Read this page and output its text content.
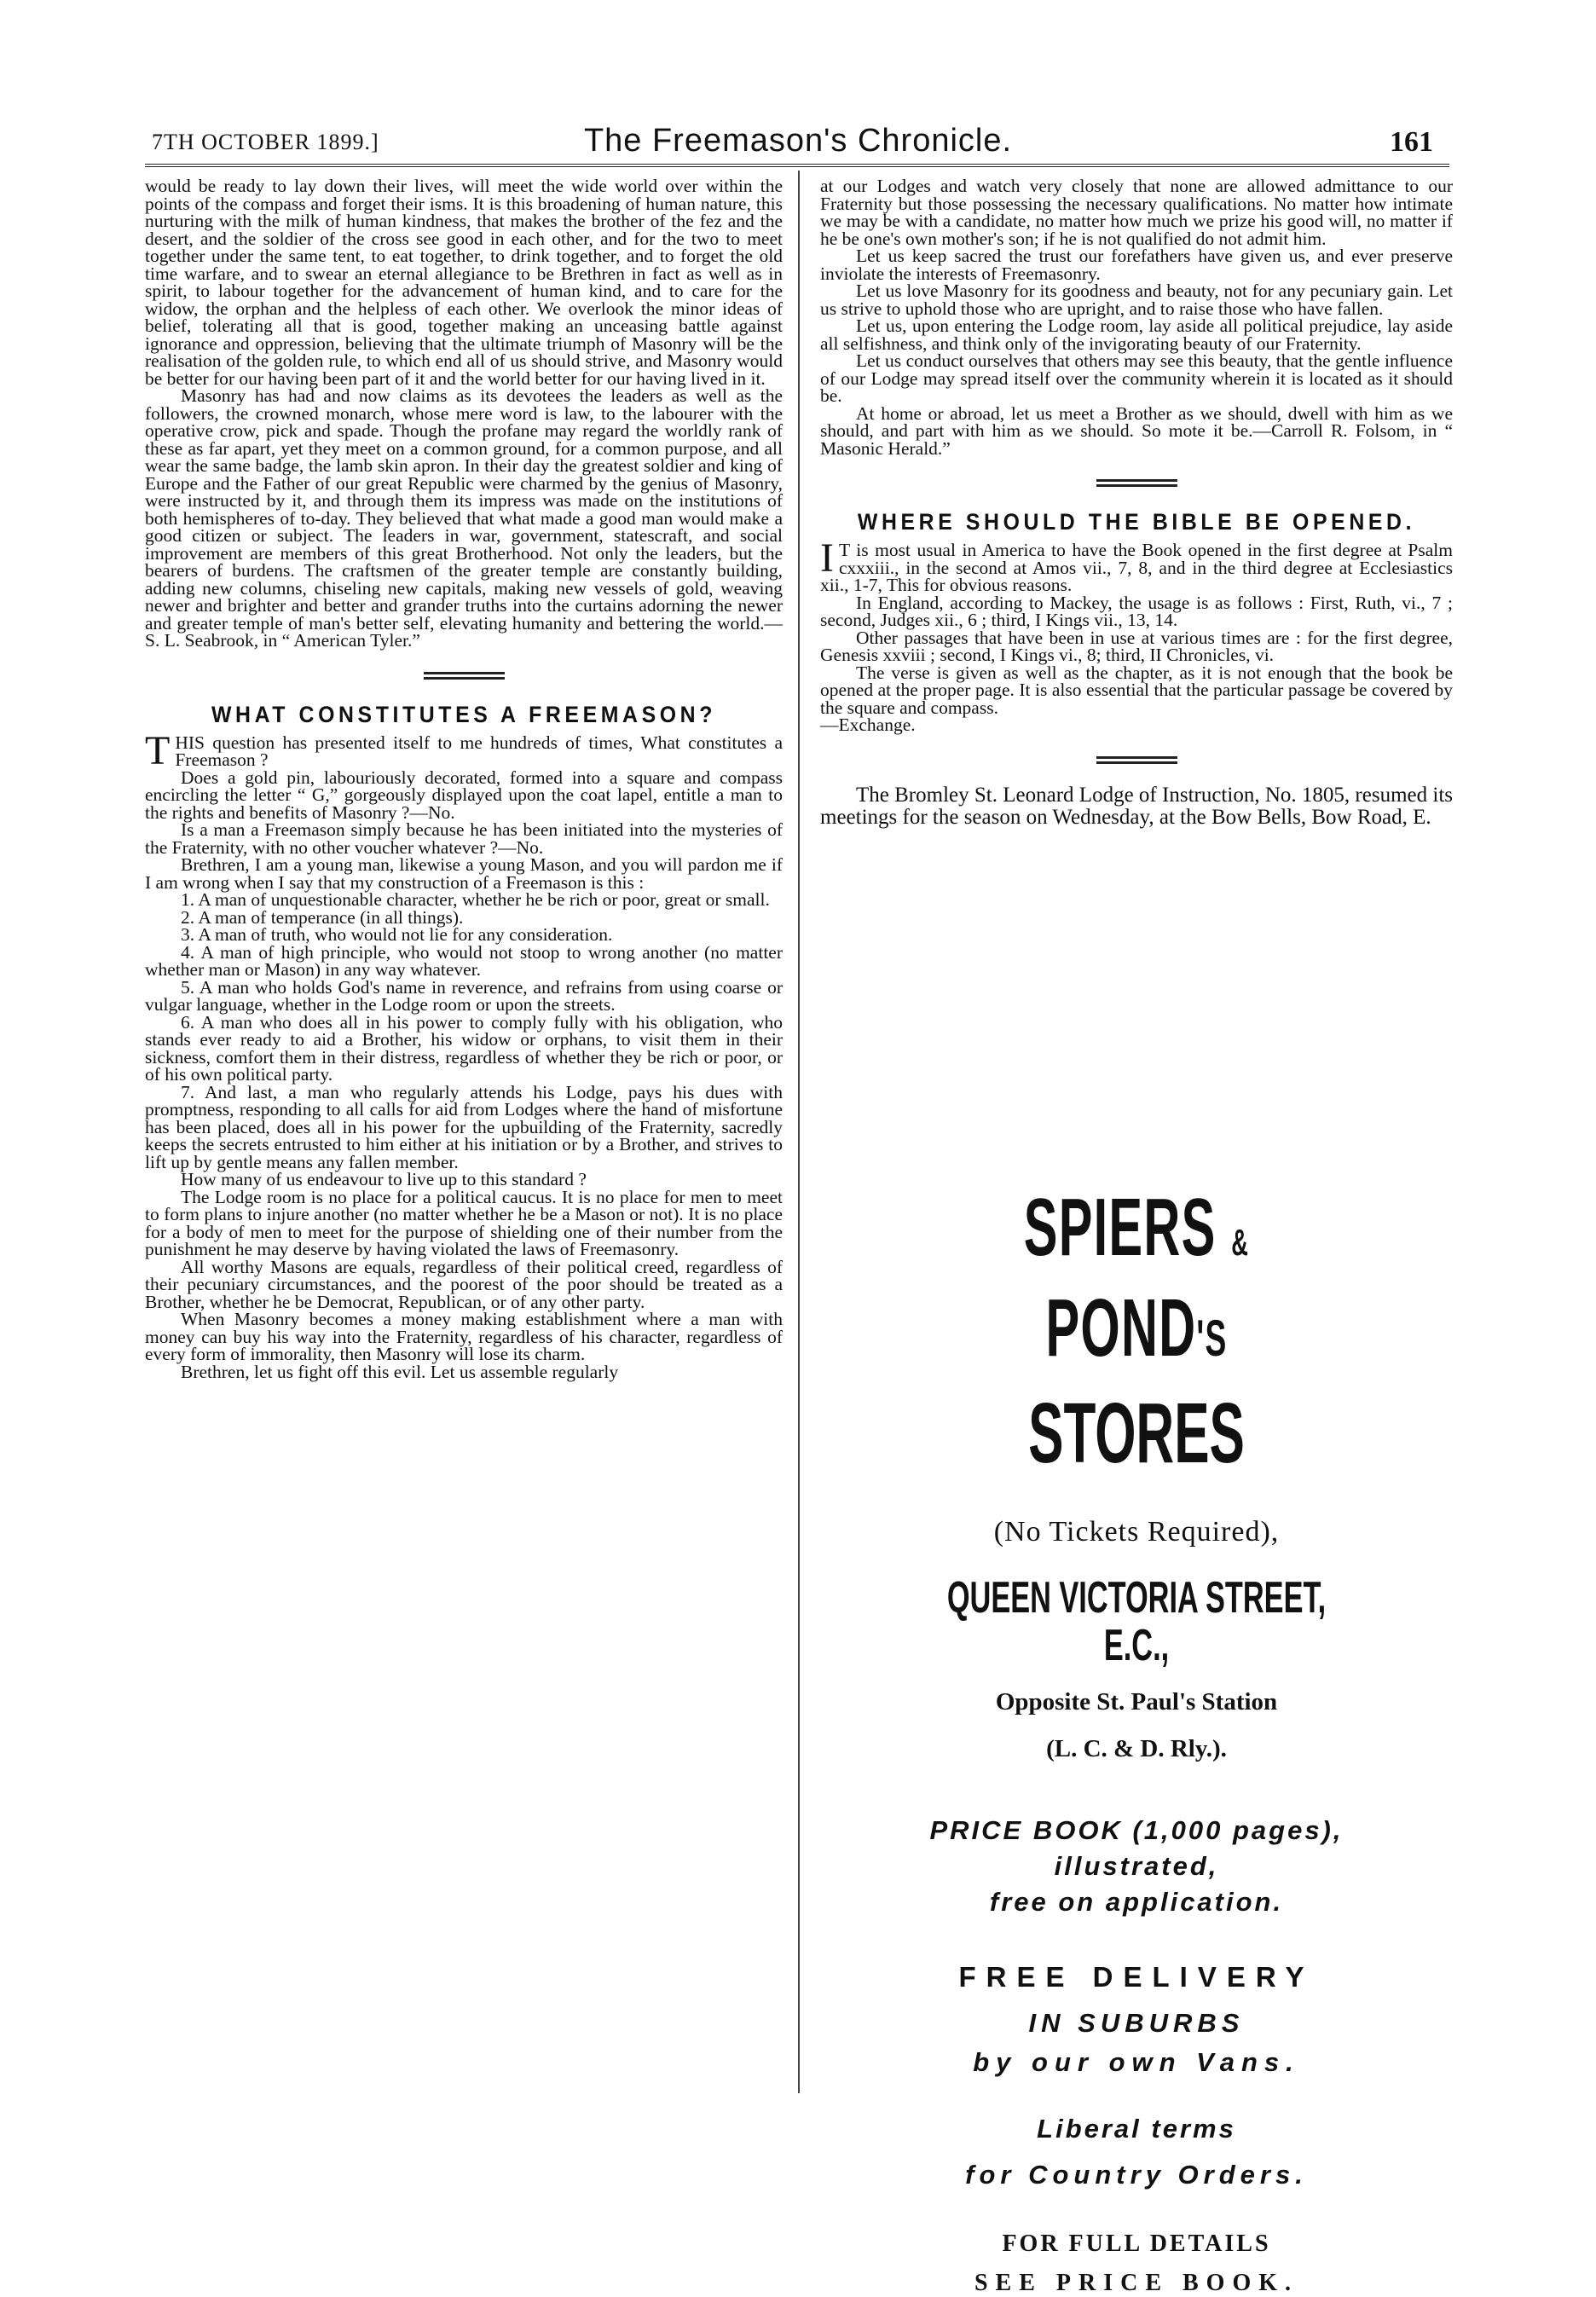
7TH OCTOBER 1899.]	The Freemason's Chronicle.	161

would be ready to lay down their lives, will meet the wide world over within the points of the compass and forget their isms. It is this broadening of human nature, this nurturing with the milk of human kindness, that makes the brother of the fez and the desert, and the soldier of the cross see good in each other, and for the two to meet together under the same tent, to eat together, to drink together, and to forget the old time warfare, and to swear an eternal allegiance to be Brethren in fact as well as in spirit, to labour together for the advancement of human kind, and to care for the widow, the orphan and the helpless of each other. We overlook the minor ideas of belief, tolerating all that is good, together making an unceasing battle against ignorance and oppression, believing that the ultimate triumph of Masonry will be the realisation of the golden rule, to which end all of us should strive, and Masonry would be better for our having been part of it and the world better for our having lived in it.

Masonry has had and now claims as its devotees the leaders as well as the followers, the crowned monarch, whose mere word is law, to the labourer with the operative crow, pick and spade. Though the profane may regard the worldly rank of these as far apart, yet they meet on a common ground, for a common purpose, and all wear the same badge, the lamb skin apron. In their day the greatest soldier and king of Europe and the Father of our great Republic were charmed by the genius of Masonry, were instructed by it, and through them its impress was made on the institutions of both hemispheres of to-day. They believed that what made a good man would make a good citizen or subject. The leaders in war, government, statescraft, and social improvement are members of this great Brotherhood. Not only the leaders, but the bearers of burdens. The craftsmen of the greater temple are constantly building, adding new columns, chiseling new capitals, making new vessels of gold, weaving newer and brighter and better and grander truths into the curtains adorning the newer and greater temple of man's better self, elevating humanity and bettering the world.—S. L. Seabrook, in “ American Tyler.”

WHAT CONSTITUTES A FREEMASON?

THIS question has presented itself to me hundreds of times, What constitutes a Freemason ?

Does a gold pin, labouriously decorated, formed into a square and compass encircling the letter “ G,” gorgeously displayed upon the coat lapel, entitle a man to the rights and benefits of Masonry ?—No.

Is a man a Freemason simply because he has been initiated into the mysteries of the Fraternity, with no other voucher whatever ?—No.

Brethren, I am a young man, likewise a young Mason, and you will pardon me if I am wrong when I say that my construction of a Freemason is this :

1. A man of unquestionable character, whether he be rich or poor, great or small.

2. A man of temperance (in all things).

3. A man of truth, who would not lie for any consideration.

4. A man of high principle, who would not stoop to wrong another (no matter whether man or Mason) in any way whatever.

5. A man who holds God's name in reverence, and refrains from using coarse or vulgar language, whether in the Lodge room or upon the streets.

6. A man who does all in his power to comply fully with his obligation, who stands ever ready to aid a Brother, his widow or orphans, to visit them in their sickness, comfort them in their distress, regardless of whether they be rich or poor, or of his own political party.

7. And last, a man who regularly attends his Lodge, pays his dues with promptness, responding to all calls for aid from Lodges where the hand of misfortune has been placed, does all in his power for the upbuilding of the Fraternity, sacredly keeps the secrets entrusted to him either at his initiation or by a Brother, and strives to lift up by gentle means any fallen member.

How many of us endeavour to live up to this standard ?

The Lodge room is no place for a political caucus. It is no place for men to meet to form plans to injure another (no matter whether he be a Mason or not). It is no place for a body of men to meet for the purpose of shielding one of their number from the punishment he may deserve by having violated the laws of Freemasonry.

All worthy Masons are equals, regardless of their political creed, regardless of their pecuniary circumstances, and the poorest of the poor should be treated as a Brother, whether he be Democrat, Republican, or of any other party.

When Masonry becomes a money making establishment where a man with money can buy his way into the Fraternity, regardless of his character, regardless of every form of immorality, then Masonry will lose its charm.

Brethren, let us fight off this evil. Let us assemble regularly

at our Lodges and watch very closely that none are allowed admittance to our Fraternity but those possessing the necessary qualifications. No matter how intimate we may be with a candidate, no matter how much we prize his good will, no matter if he be one's own mother's son; if he is not qualified do not admit him.

Let us keep sacred the trust our forefathers have given us, and ever preserve inviolate the interests of Freemasonry.

Let us love Masonry for its goodness and beauty, not for any pecuniary gain. Let us strive to uphold those who are upright, and to raise those who have fallen.

Let us, upon entering the Lodge room, lay aside all political prejudice, lay aside all selfishness, and think only of the invigorating beauty of our Fraternity.

Let us conduct ourselves that others may see this beauty, that the gentle influence of our Lodge may spread itself over the community wherein it is located as it should be.

At home or abroad, let us meet a Brother as we should, dwell with him as we should, and part with him as we should. So mote it be.—Carroll R. Folsom, in “ Masonic Herald.”

WHERE SHOULD THE BIBLE BE OPENED.

I T is most usual in America to have the Book opened in the first degree at Psalm cxxxiii., in the second at Amos vii., 7, 8, and in the third degree at Ecclesiastics xii., 1-7, This for obvious reasons.

In England, according to Mackey, the usage is as follows : First, Ruth, vi., 7 ; second, Judges xii., 6 ; third, I Kings vii., 13, 14.

Other passages that have been in use at various times are : for the first degree, Genesis xxviii ; second, I Kings vi., 8; third, II Chronicles, vi.

The verse is given as well as the chapter, as it is not enough that the book be opened at the proper page. It is also essential that the particular passage be covered by the square and compass.

—Exchange.

The Bromley St. Leonard Lodge of Instruction, No. 1805, resumed its meetings for the season on Wednesday, at the Bow Bells, Bow Road, E.

SPIERS & POND'S
STORES
(No Tickets Required),
QUEEN VICTORIA STREET, E.C.,
Opposite St. Paul's Station
(L. C. & D. Rly.).
PRICE BOOK (1,000 pages),
illustrated,
free on application.
FREE DELIVERY
IN SUBURBS
by our own Vans.
Liberal terms
for Country Orders.
FOR FULL DETAILS
SEE PRICE BOOK.
